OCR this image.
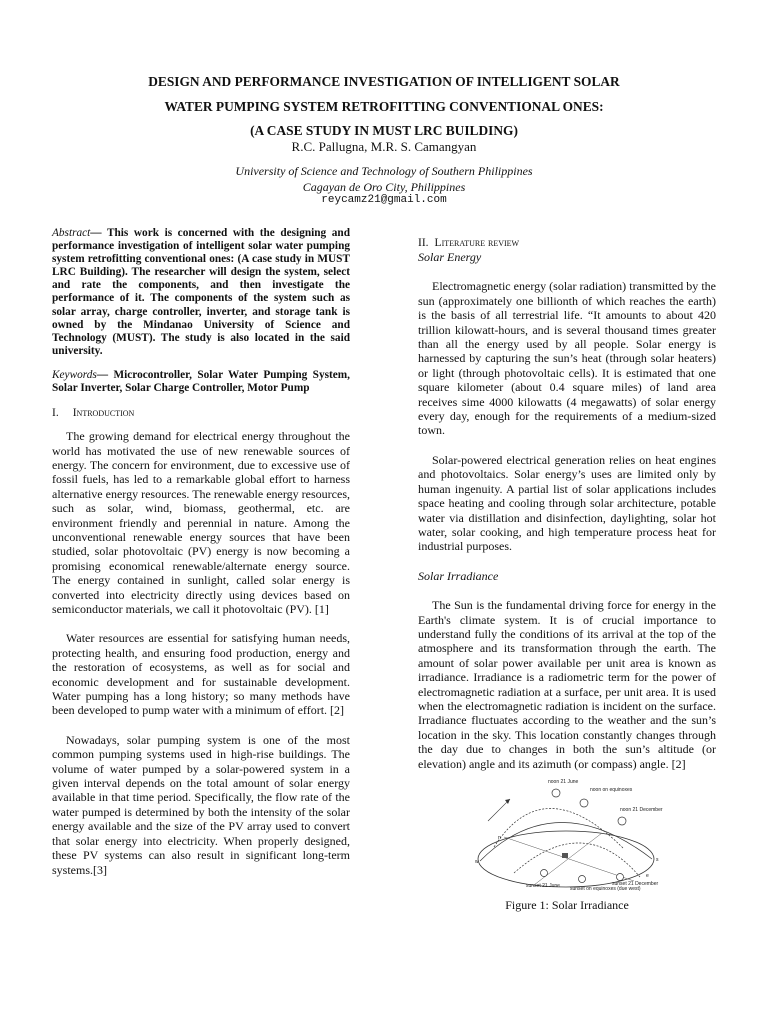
DESIGN AND PERFORMANCE INVESTIGATION OF INTELLIGENT SOLAR
WATER PUMPING SYSTEM RETROFITTING CONVENTIONAL ONES:
(A CASE STUDY IN MUST LRC BUILDING)
R.C. Pallugna, M.R. S. Camangyan
University of Science and Technology of Southern Philippines
Cagayan de Oro City, Philippines
reycamz21@gmail.com

Abstract— This work is concerned with the designing and performance investigation of intelligent solar water pumping system retrofitting conventional ones: (A case study in MUST LRC Building). The researcher will design the system, select and rate the components, and then investigate the performance of it. The components of the system such as solar array, charge controller, inverter, and storage tank is owned by the Mindanao University of Science and Technology (MUST). The study is also located in the said university.

Keywords— Microcontroller, Solar Water Pumping System, Solar Inverter, Solar Charge Controller, Motor Pump

I. Introduction

The growing demand for electrical energy throughout the world has motivated the use of new renewable sources of energy. The concern for environment, due to excessive use of fossil fuels, has led to a remarkable global effort to harness alternative energy resources. The renewable energy resources, such as solar, wind, biomass, geothermal, etc. are environment friendly and perennial in nature. Among the unconventional renewable energy sources that have been studied, solar photovoltaic (PV) energy is now becoming a promising economical renewable/alternate energy source. The energy contained in sunlight, called solar energy is converted into electricity directly using devices based on semiconductor materials, we call it photovoltaic (PV). [1]

Water resources are essential for satisfying human needs, protecting health, and ensuring food production, energy and the restoration of ecosystems, as well as for social and economic development and for sustainable development. Water pumping has a long history; so many methods have been developed to pump water with a minimum of effort. [2]

Nowadays, solar pumping system is one of the most common pumping systems used in high-rise buildings. The volume of water pumped by a solar-powered system in a given interval depends on the total amount of solar energy available in that time period. Specifically, the flow rate of the water pumped is determined by both the intensity of the solar energy available and the size of the PV array used to convert that solar energy into electricity. When properly designed, these PV systems can also result in significant long-term systems.[3]

II. Literature review
Solar Energy

Electromagnetic energy (solar radiation) transmitted by the sun (approximately one billionth of which reaches the earth) is the basis of all terrestrial life. “It amounts to about 420 trillion kilowatt-hours, and is several thousand times greater than all the energy used by all people. Solar energy is harnessed by capturing the sun’s heat (through solar heaters) or light (through photovoltaic cells). It is estimated that one square kilometer (about 0.4 square miles) of land area receives sime 4000 kilowatts (4 megawatts) of solar energy every day, enough for the requirements of a medium-sized town.

Solar-powered electrical generation relies on heat engines and photovoltaics. Solar energy’s uses are limited only by human ingenuity. A partial list of solar applications includes space heating and cooling through solar architecture, potable water via distillation and disinfection, daylighting, solar hot water, solar cooking, and high temperature process heat for industrial purposes.

Solar Irradiance

The Sun is the fundamental driving force for energy in the Earth's climate system. It is of crucial importance to understand fully the conditions of its arrival at the top of the atmosphere and its transformation through the earth. The amount of solar power available per unit area is known as irradiance. Irradiance is a radiometric term for the power of electromagnetic radiation at a surface, per unit area. It is used when the electromagnetic radiation is incident on the surface. Irradiance fluctuates according to the weather and the sun’s location in the sky. This location constantly changes through the day due to changes in both the sun’s altitude (or elevation) angle and its azimuth (or compass) angle. [2]

noon 21 June
noon on equinoxes
noon 21 December
sunset 21 June sunset on equinoxes (due west)
sunset 21 December
w	s
e
n
Figure 1: Solar Irradiance
